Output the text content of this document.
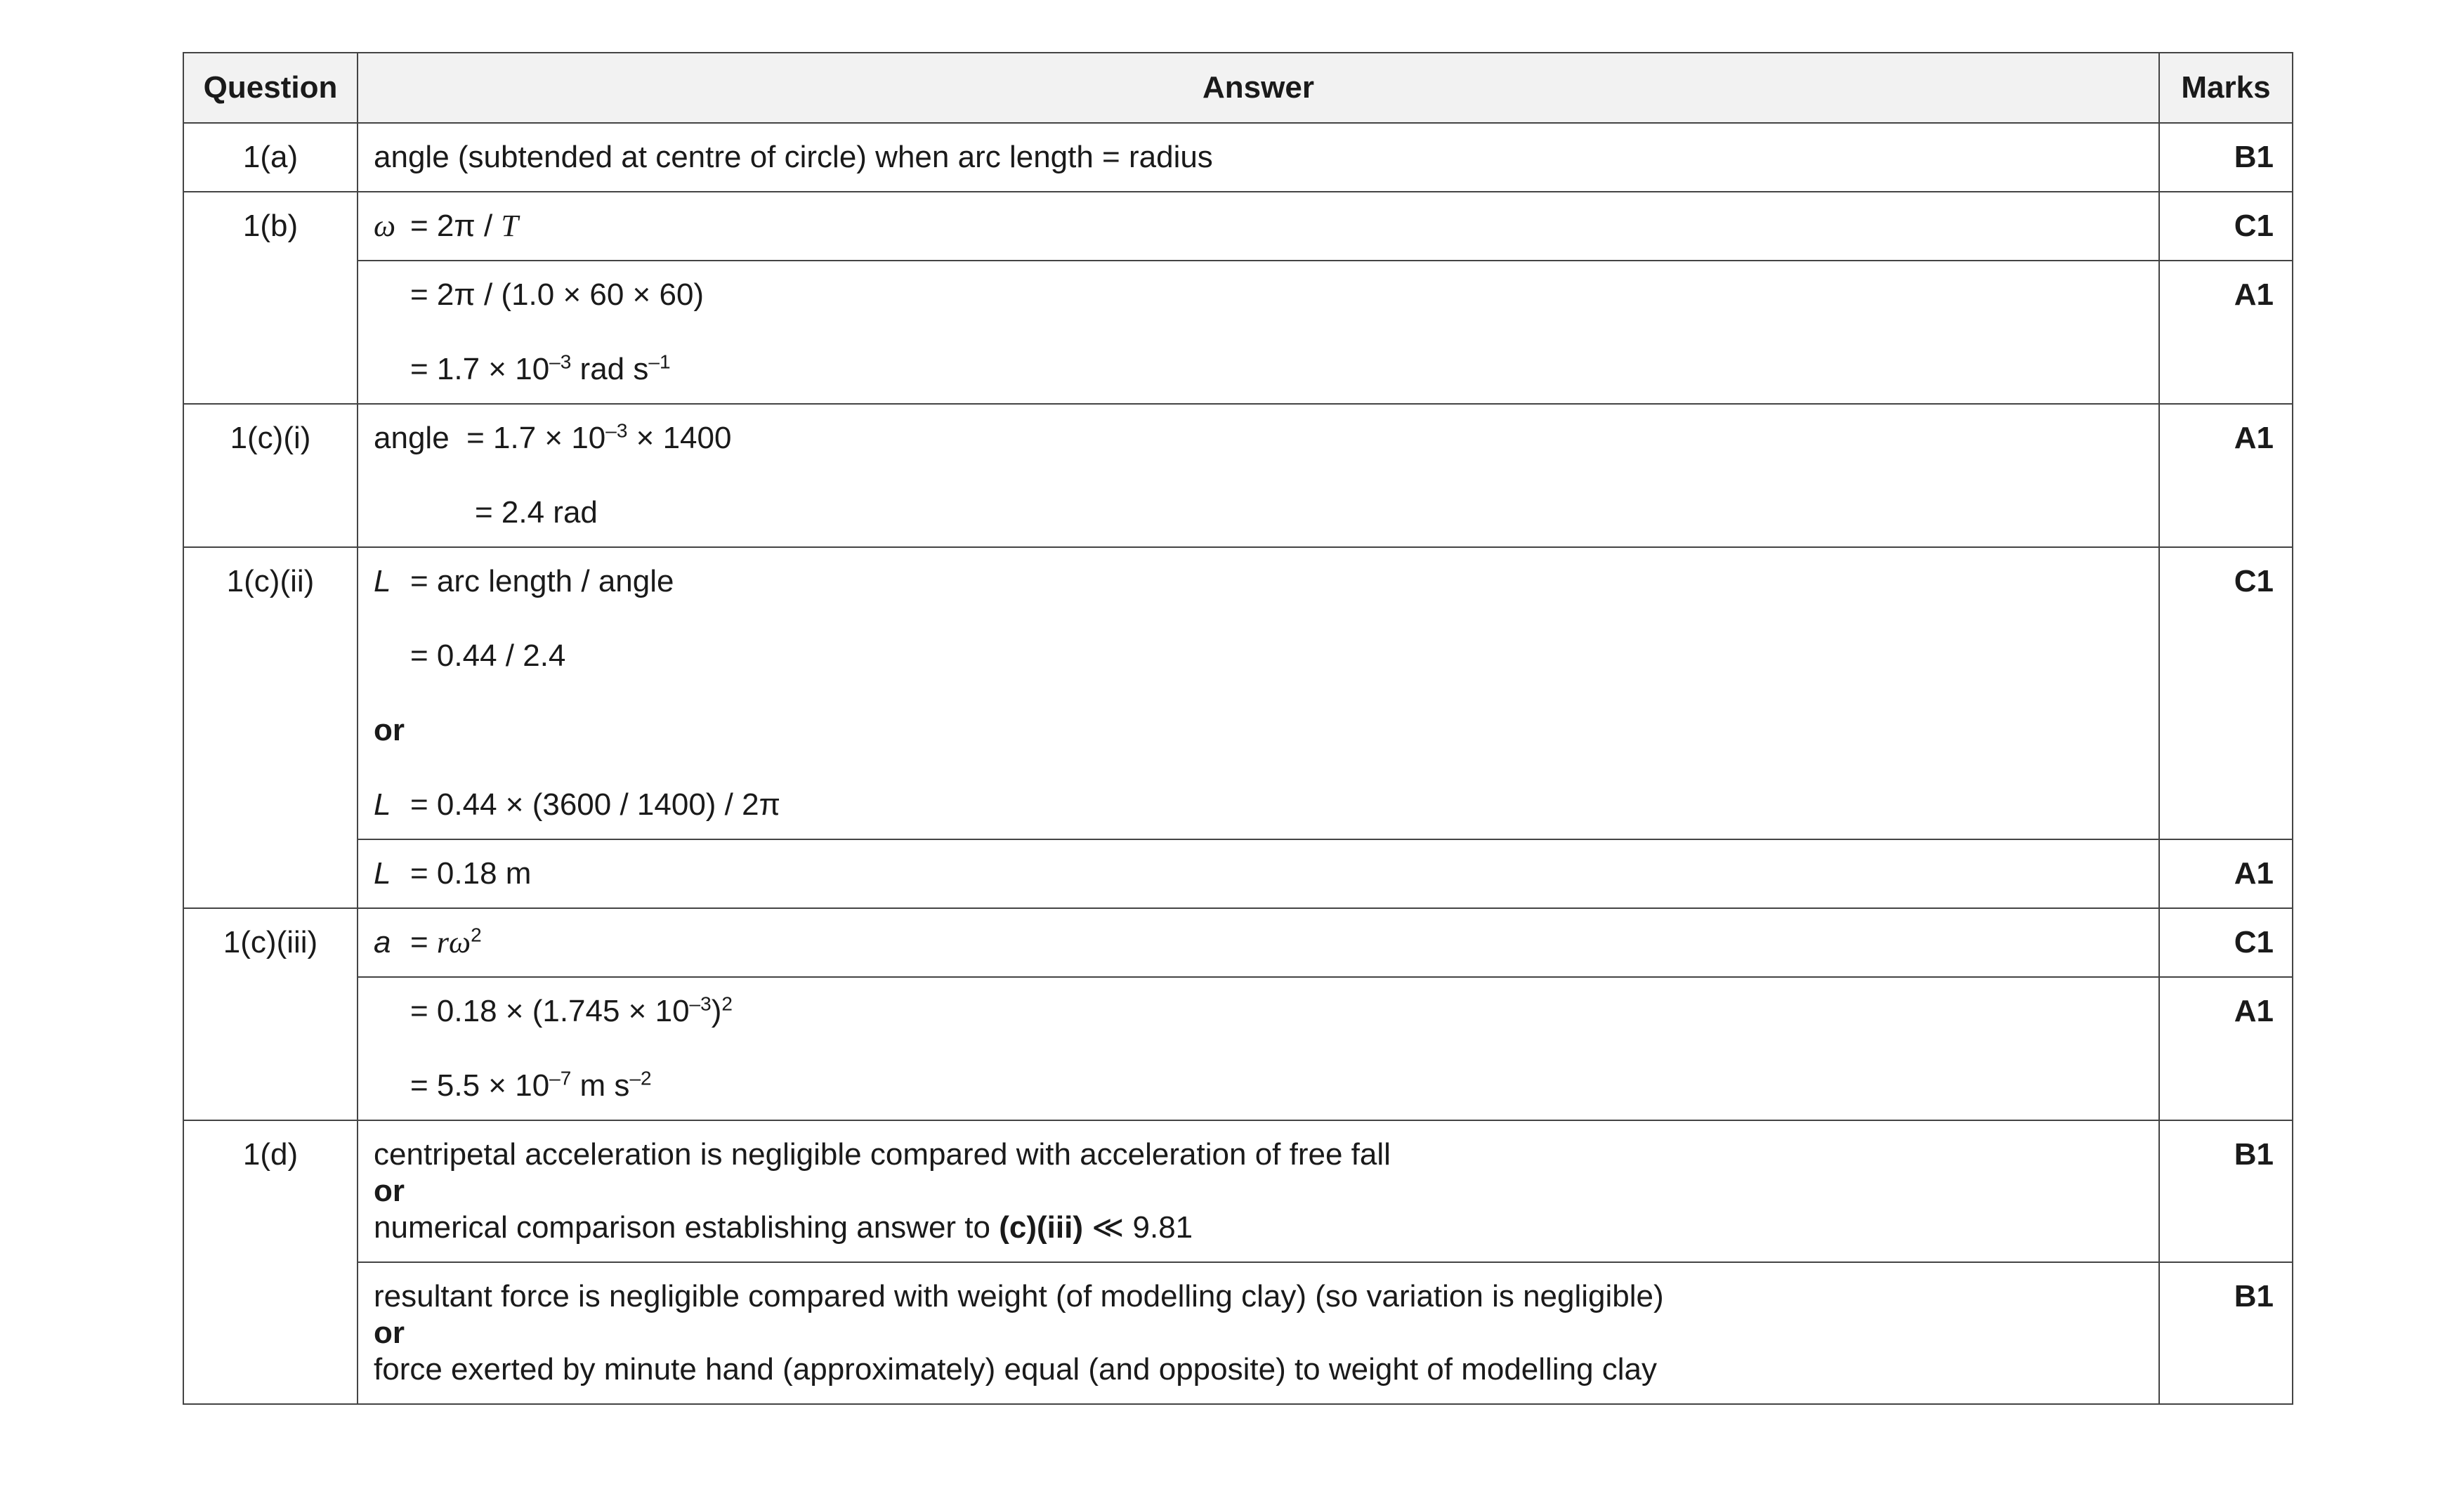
Question	Answer	Marks
1(a)	angle (subtended at centre of circle) when arc length = radius	B1
1(b)	ω = 2π / T	C1

	= 2π / (1.0 × 60 × 60)
= $1.7 \times 10^{-3}$ rad $s^{-1}$	A1
1(c)(i)	angle  = $1.7 \times 10^{-3} \times 1400$
= 2.4 rad	A1
1(c)(ii)	L = arc length / angle
= 0.44 / 2.4
or
L = 0.44 × (3600 / 1400) / 2π	C1

	L = 0.18 m	A1
1(c)(iii)	$a = r\omega^2$	C1

	= $0.18 \times (1.745 \times 10^{-3})^2$
= $5.5 \times 10^{-7}$ m $s^{-2}$	A1
1(d)	centripetal acceleration is negligible compared with acceleration of free fall
or
numerical comparison establishing answer to (c)(iii) ≪ 9.81	B1

	resultant force is negligible compared with weight (of modelling clay) (so variation is negligible)
or
force exerted by minute hand (approximately) equal (and opposite) to weight of modelling clay	B1
